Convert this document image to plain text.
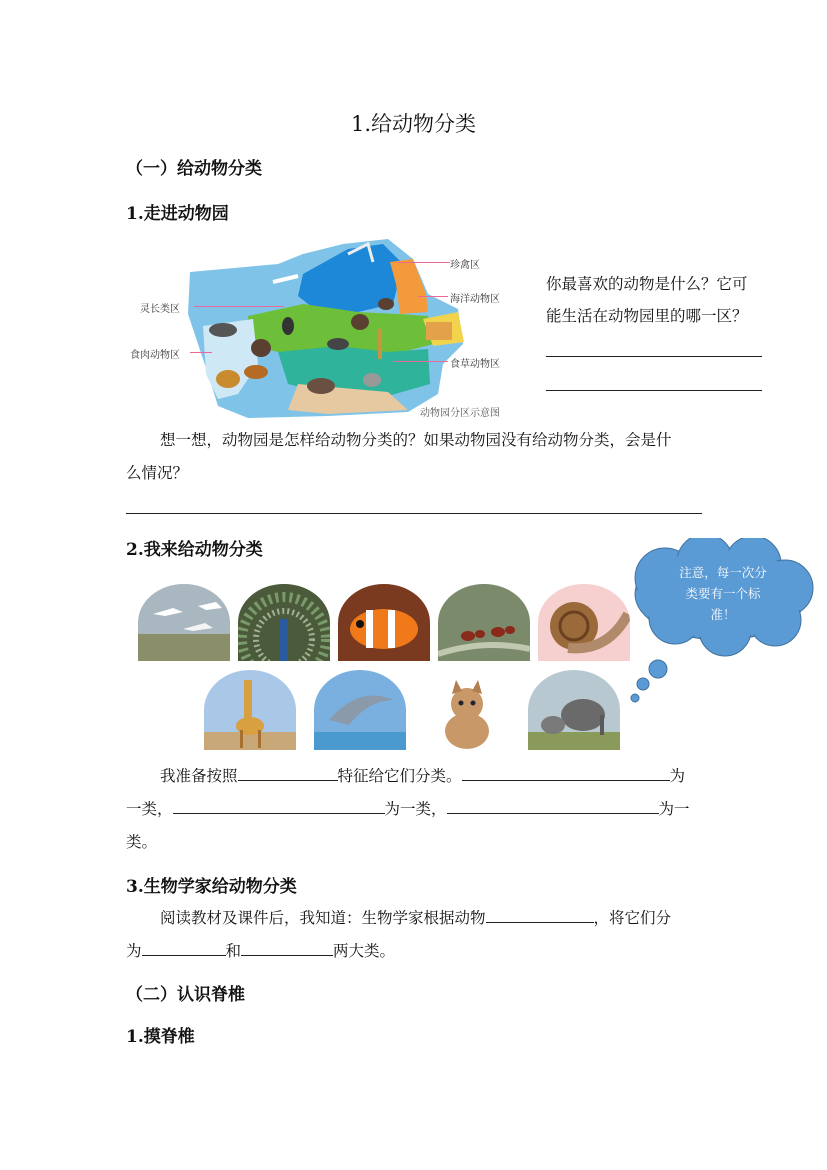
1.给动物分类
（一）给动物分类
1.走进动物园
珍禽区
海洋动物区
灵长类区
食肉动物区
食草动物区
动物园分区示意图
你最喜欢的动物是什么？它可
能生活在动物园里的哪一区？
想一想，动物园是怎样给动物分类的？如果动物园没有给动物分类，会是什
么情况？
2.我来给动物分类
注意，每一次分
类要有一个标
准！
我准备按照	特征给它们分类。	为
一类，	为一类，	为一
类。
3.生物学家给动物分类
阅读教材及课件后，我知道：生物学家根据动物	，将它们分
为	和	两大类。
（二）认识脊椎
1.摸脊椎
